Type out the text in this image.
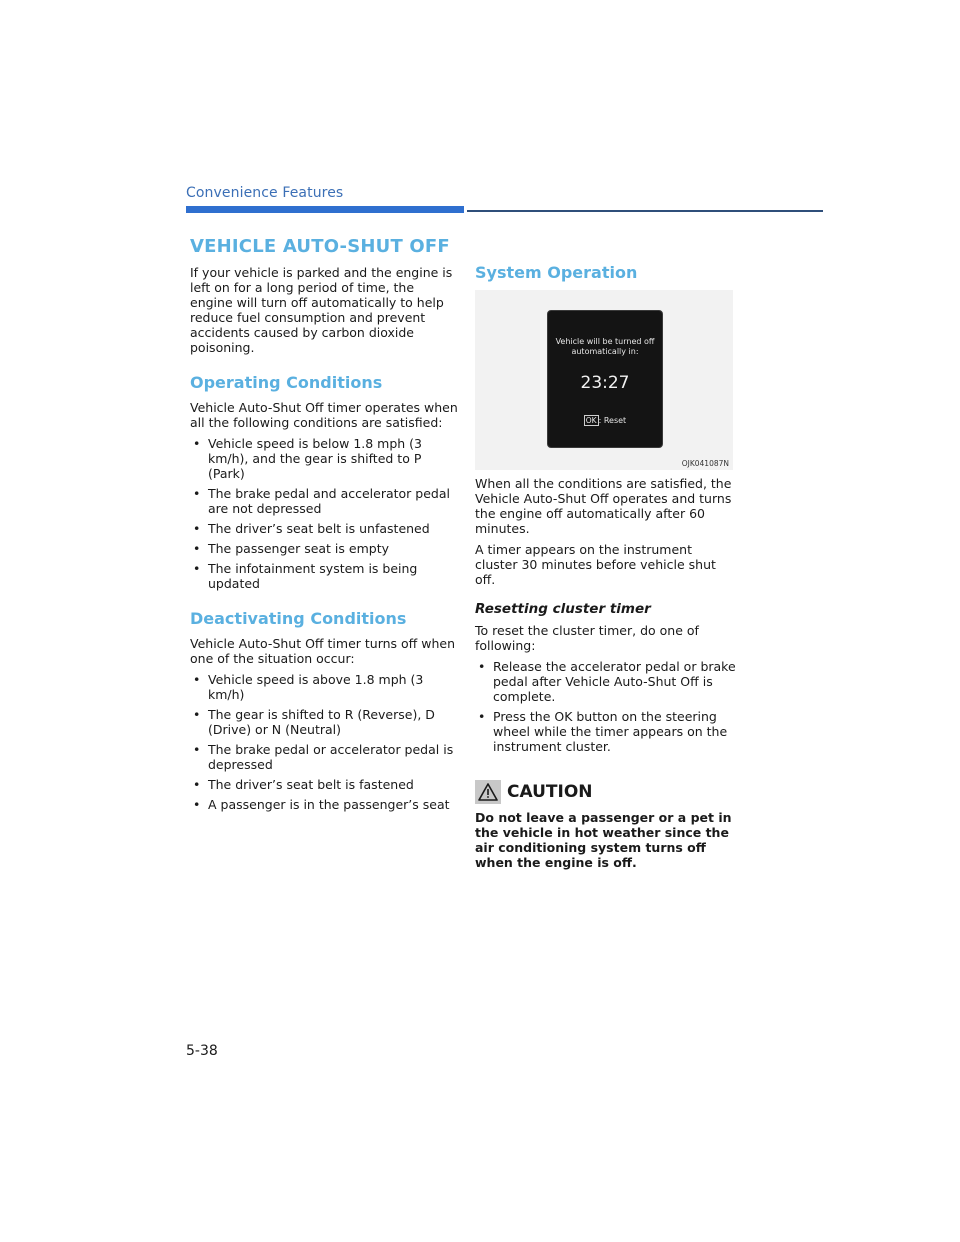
Convenience Features
VEHICLE AUTO-SHUT OFF

If your vehicle is parked and the engine is left on for a long period of time, the engine will turn off automatically to help reduce fuel consumption and prevent accidents caused by carbon dioxide poisoning.

Operating Conditions

Vehicle Auto-Shut Off timer operates when all the following conditions are satisfied:

• Vehicle speed is below 1.8 mph (3 km/h), and the gear is shifted to P (Park)
• The brake pedal and accelerator pedal are not depressed
• The driver’s seat belt is unfastened
• The passenger seat is empty
• The infotainment system is being updated
Deactivating Conditions

Vehicle Auto-Shut Off timer turns off when one of the situation occur:

• Vehicle speed is above 1.8 mph (3 km/h)
• The gear is shifted to R (Reverse), D (Drive) or N (Neutral)
• The brake pedal or accelerator pedal is depressed
• The driver’s seat belt is fastened
• A passenger is in the passenger’s seat
System Operation
Vehicle will be turned off
automatically in:
23:27
OK : Reset
OJK041087N

When all the conditions are satisfied, the Vehicle Auto-Shut Off operates and turns the engine off automatically after 60 minutes.

A timer appears on the instrument cluster 30 minutes before vehicle shut off.

Resetting cluster timer

To reset the cluster timer, do one of following:

• Release the accelerator pedal or brake pedal after Vehicle Auto-Shut Off is complete.
• Press the OK button on the steering wheel while the timer appears on the instrument cluster.
CAUTION

Do not leave a passenger or a pet in the vehicle in hot weather since the air conditioning system turns off when the engine is off.

5-38
